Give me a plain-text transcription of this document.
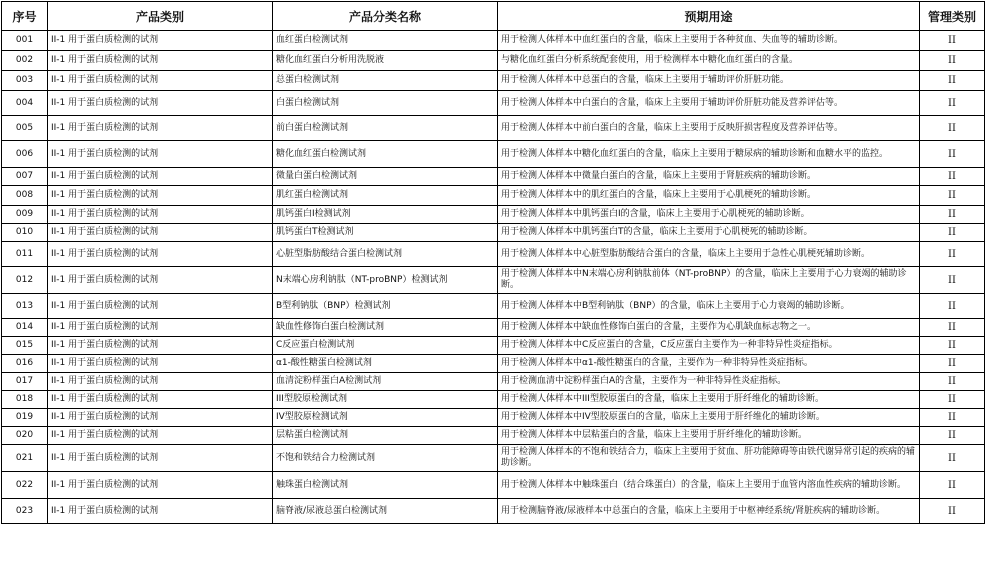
序号	产品类别	产品分类名称	预期用途	管理类别
001	II-1 用于蛋白质检测的试剂	血红蛋白检测试剂	用于检测人体样本中血红蛋白的含量，临床上主要用于各种贫血、失血等的辅助诊断。	II
002	II-1 用于蛋白质检测的试剂	糖化血红蛋白分析用洗脱液	与糖化血红蛋白分析系统配套使用，用于检测样本中糖化血红蛋白的含量。	II
003	II-1 用于蛋白质检测的试剂	总蛋白检测试剂	用于检测人体样本中总蛋白的含量，临床上主要用于辅助评价肝脏功能。	II
004	II-1 用于蛋白质检测的试剂	白蛋白检测试剂	用于检测人体样本中白蛋白的含量，临床上主要用于辅助评价肝脏功能及营养评估等。	II
005	II-1 用于蛋白质检测的试剂	前白蛋白检测试剂	用于检测人体样本中前白蛋白的含量，临床上主要用于反映肝损害程度及营养评估等。	II
006	II-1 用于蛋白质检测的试剂	糖化血红蛋白检测试剂	用于检测人体样本中糖化血红蛋白的含量，临床上主要用于糖尿病的辅助诊断和血糖水平的监控。	II
007	II-1 用于蛋白质检测的试剂	微量白蛋白检测试剂	用于检测人体样本中微量白蛋白的含量，临床上主要用于肾脏疾病的辅助诊断。	II
008	II-1 用于蛋白质检测的试剂	肌红蛋白检测试剂	用于检测人体样本中的肌红蛋白的含量，临床上主要用于心肌梗死的辅助诊断。	II
009	II-1 用于蛋白质检测的试剂	肌钙蛋白I检测试剂	用于检测人体样本中肌钙蛋白I的含量，临床上主要用于心肌梗死的辅助诊断。	II
010	II-1 用于蛋白质检测的试剂	肌钙蛋白T检测试剂	用于检测人体样本中肌钙蛋白T的含量，临床上主要用于心肌梗死的辅助诊断。	II
011	II-1 用于蛋白质检测的试剂	心脏型脂肪酸结合蛋白检测试剂	用于检测人体样本中心脏型脂肪酸结合蛋白的含量，临床上主要用于急性心肌梗死辅助诊断。	II
012	II-1 用于蛋白质检测的试剂	N末端心房利钠肽（NT-proBNP）检测试剂	用于检测人体样本中N末端心房利钠肽前体（NT-proBNP）的含量，临床上主要用于心力衰竭的辅助诊断。	II
013	II-1 用于蛋白质检测的试剂	B型利钠肽（BNP）检测试剂	用于检测人体样本中B型利钠肽（BNP）的含量，临床上主要用于心力衰竭的辅助诊断。	II
014	II-1 用于蛋白质检测的试剂	缺血性修饰白蛋白检测试剂	用于检测人体样本中缺血性修饰白蛋白的含量，主要作为心肌缺血标志物之一。	II
015	II-1 用于蛋白质检测的试剂	C反应蛋白检测试剂	用于检测人体样本中C反应蛋白的含量，C反应蛋白主要作为一种非特异性炎症指标。	II
016	II-1 用于蛋白质检测的试剂	α1-酸性糖蛋白检测试剂	用于检测人体样本中α1-酸性糖蛋白的含量，主要作为一种非特异性炎症指标。	II
017	II-1 用于蛋白质检测的试剂	血清淀粉样蛋白A检测试剂	用于检测血清中淀粉样蛋白A的含量，主要作为一种非特异性炎症指标。	II
018	II-1 用于蛋白质检测的试剂	III型胶原检测试剂	用于检测人体样本中III型胶原蛋白的含量，临床上主要用于肝纤维化的辅助诊断。	II
019	II-1 用于蛋白质检测的试剂	IV型胶原检测试剂	用于检测人体样本中IV型胶原蛋白的含量，临床上主要用于肝纤维化的辅助诊断。	II
020	II-1 用于蛋白质检测的试剂	层粘蛋白检测试剂	用于检测人体样本中层粘蛋白的含量，临床上主要用于肝纤维化的辅助诊断。	II
021	II-1 用于蛋白质检测的试剂	不饱和铁结合力检测试剂	用于检测人体样本的不饱和铁结合力，临床上主要用于贫血、肝功能障碍等由铁代谢异常引起的疾病的辅助诊断。	II
022	II-1 用于蛋白质检测的试剂	触珠蛋白检测试剂	用于检测人体样本中触珠蛋白（结合珠蛋白）的含量，临床上主要用于血管内溶血性疾病的辅助诊断。	II
023	II-1 用于蛋白质检测的试剂	脑脊液/尿液总蛋白检测试剂	用于检测脑脊液/尿液样本中总蛋白的含量，临床上主要用于中枢神经系统/肾脏疾病的辅助诊断。	II
